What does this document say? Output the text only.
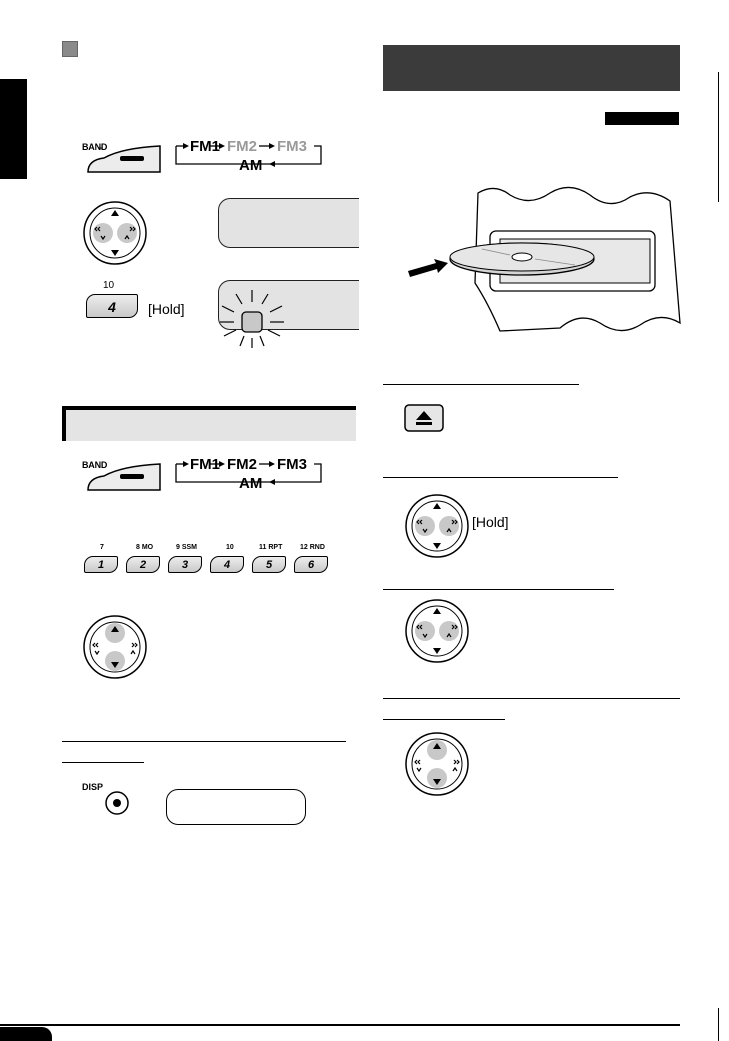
BAND	FM1 FM2 FM3
AM
10
4	[Hold]
BAND	FM1 FM2 FM3
AM
7	8 MO	9 SSM	10	11 RPT	12 RND
1	2	3	4	5	6
DISP
[Hold]
